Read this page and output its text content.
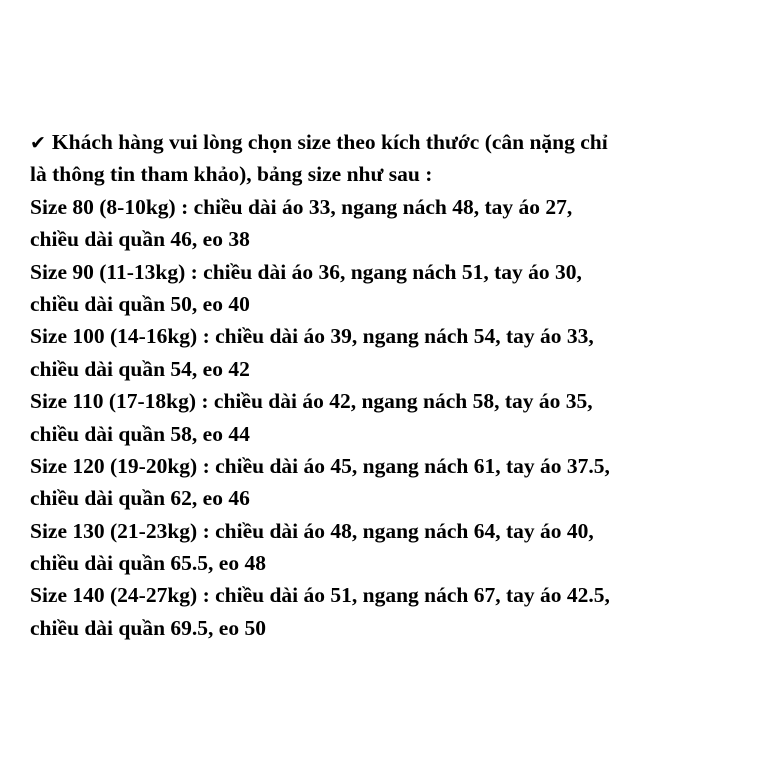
✔ Khách hàng vui lòng chọn size theo kích thước (cân nặng chỉ
là thông tin tham khảo), bảng size như sau :
Size 80 (8-10kg) : chiều dài áo 33, ngang nách 48, tay áo 27,
chiều dài quần 46, eo 38
Size 90 (11-13kg) : chiều dài áo 36, ngang nách 51, tay áo 30,
chiều dài quần 50, eo 40
Size 100 (14-16kg) : chiều dài áo 39, ngang nách 54, tay áo 33,
chiều dài quần 54, eo 42
Size 110 (17-18kg) : chiều dài áo 42, ngang nách 58, tay áo 35,
chiều dài quần 58, eo 44
Size 120 (19-20kg) : chiều dài áo 45, ngang nách 61, tay áo 37.5,
chiều dài quần 62, eo 46
Size 130 (21-23kg) : chiều dài áo 48, ngang nách 64, tay áo 40,
chiều dài quần 65.5, eo 48
Size 140 (24-27kg) : chiều dài áo 51, ngang nách 67, tay áo 42.5,
chiều dài quần 69.5, eo 50
